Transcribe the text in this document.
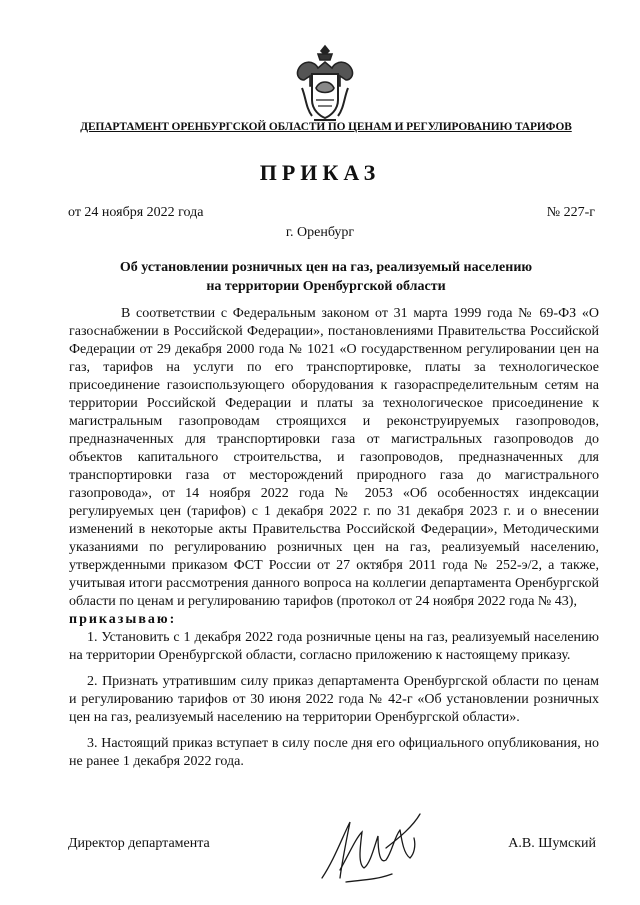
ДЕПАРТАМЕНТ ОРЕНБУРГСКОЙ ОБЛАСТИ ПО ЦЕНАМ И РЕГУЛИРОВАНИЮ ТАРИФОВ
ПРИКАЗ
от 24 ноября 2022 года	№ 227-г
г. Оренбург
Об установлении розничных цен на газ, реализуемый населению
на территории Оренбургской области

В соответствии с Федеральным законом от 31 марта 1999 года № 69-ФЗ «О газоснабжении в Российской Федерации», постановлениями Правительства Российской Федерации от 29 декабря 2000 года № 1021 «О государственном регулировании цен на газ, тарифов на услуги по его транспортировке, платы за технологическое присоединение газоиспользующего оборудования к газораспределительным сетям на территории Российской Федерации и платы за технологическое присоединение к магистральным газопроводам строящихся и реконструируемых газопроводов, предназначенных для транспортировки газа от магистральных газопроводов до объектов капитального строительства, и газопроводов, предназначенных для транспортировки газа от месторождений природного газа до магистрального газопровода», от 14 ноября 2022 года № 2053 «Об особенностях индексации регулируемых цен (тарифов) с 1 декабря 2022 г. по 31 декабря 2023 г. и о внесении изменений в некоторые акты Правительства Российской Федерации», Методическими указаниями по регулированию розничных цен на газ, реализуемый населению, утвержденными приказом ФСТ России от 27 октября 2011 года № 252-э/2, а также, учитывая итоги рассмотрения данного вопроса на коллегии департамента Оренбургской области по ценам и регулированию тарифов (протокол от 24 ноября 2022 года № 43),

приказываю:

1. Установить с 1 декабря 2022 года розничные цены на газ, реализуемый населению на территории Оренбургской области, согласно приложению к настоящему приказу.

2. Признать утратившим силу приказ департамента Оренбургской области по ценам и регулированию тарифов от 30 июня 2022 года № 42-г «Об установлении розничных цен на газ, реализуемый населению на территории Оренбургской области».

3. Настоящий приказ вступает в силу после дня его официального опубликования, но не ранее 1 декабря 2022 года.

Директор департамента	А.В. Шумский
